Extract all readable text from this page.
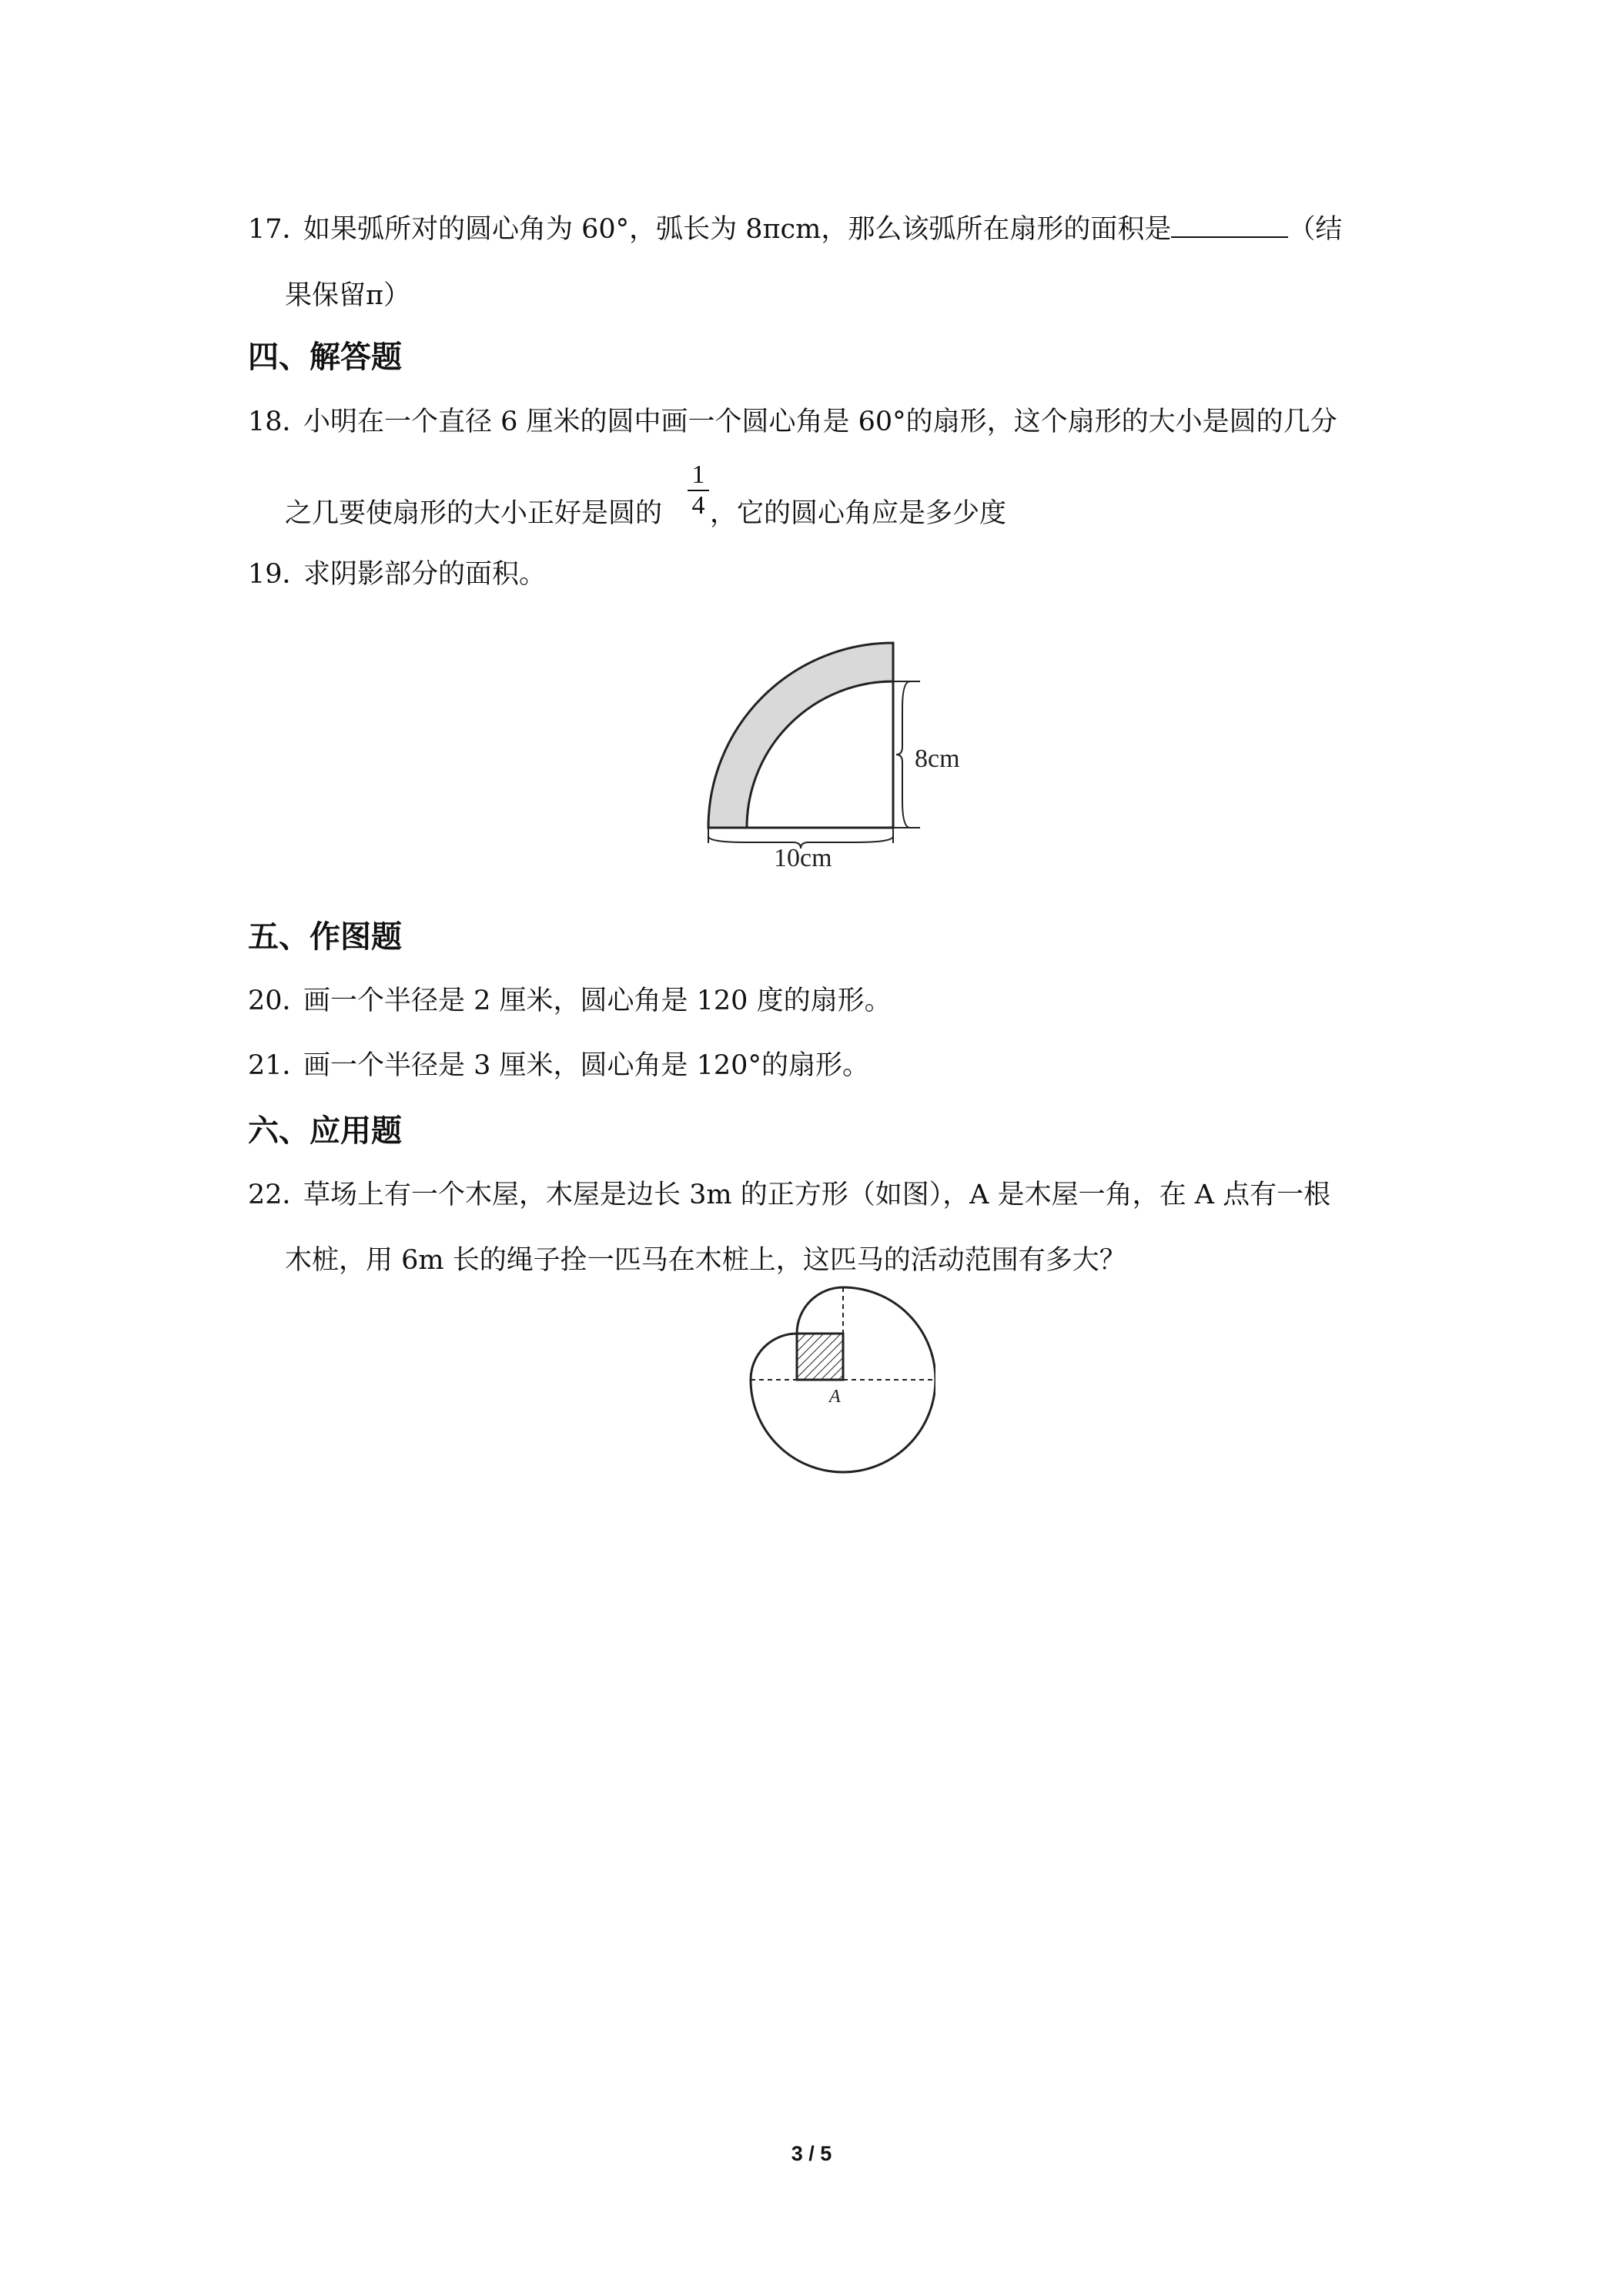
17．
如果弧所对的圆心角为 60°，弧长为 8πcm，那么该弧所在扇形的面积是	（结
果保留π）
四、解答题
18．
小明在一个直径 6 厘米的圆中画一个圆心角是 60°的扇形，这个扇形的大小是圆的几分
之几要使扇形的大小正好是圆的
1
4 ，它的圆心角应是多少度
19．
求阴影部分的面积。
8cm
10cm
五、作图题
20．
画一个半径是 2 厘米，圆心角是 120 度的扇形。
21．
画一个半径是 3 厘米，圆心角是 120°的扇形。
六、应用题
22．
草场上有一个木屋，木屋是边长 3m 的正方形（如图），A 是木屋一角，在 A 点有一根
木桩，用 6m 长的绳子拴一匹马在木桩上，这匹马的活动范围有多大？
A
3 / 5
